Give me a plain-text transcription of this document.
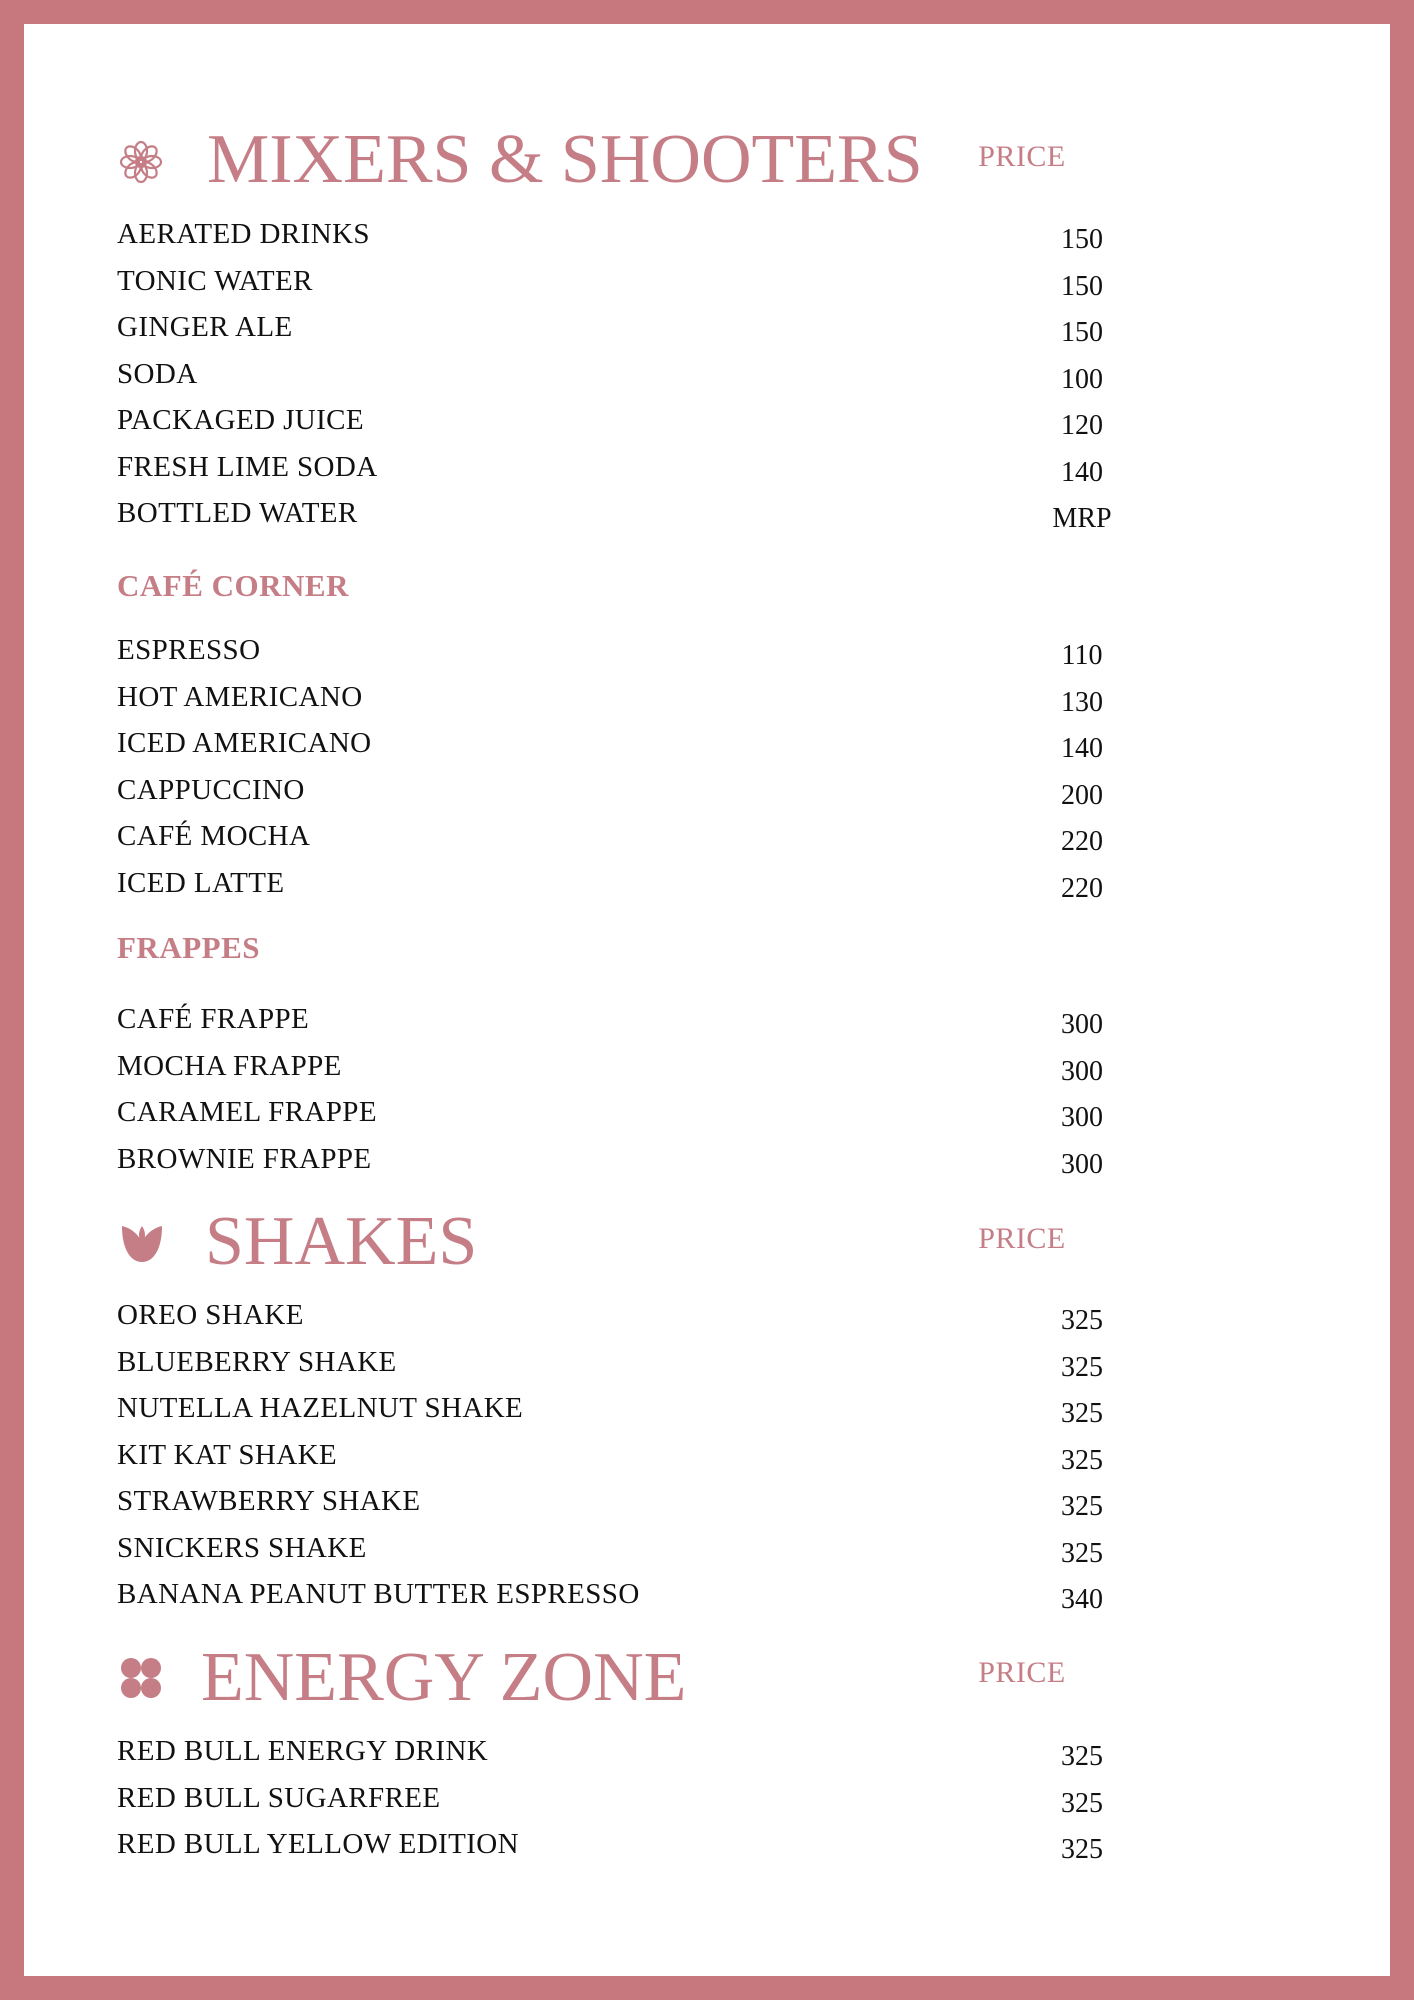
MIXERS & SHOOTERS PRICE
AERATED DRINKS	150
TONIC WATER	150
GINGER ALE	150
SODA	100
PACKAGED JUICE	120
FRESH LIME SODA	140
BOTTLED WATER	MRP
CAFÉ CORNER
ESPRESSO	110
HOT AMERICANO	130
ICED AMERICANO	140
CAPPUCCINO	200
CAFÉ MOCHA	220
ICED LATTE	220
FRAPPES
CAFÉ FRAPPE	300
MOCHA FRAPPE	300
CARAMEL FRAPPE	300
BROWNIE FRAPPE	300
SHAKES	PRICE
OREO SHAKE	325
BLUEBERRY SHAKE	325
NUTELLA HAZELNUT SHAKE	325
KIT KAT SHAKE	325
STRAWBERRY SHAKE	325
SNICKERS SHAKE	325
BANANA PEANUT BUTTER ESPRESSO	340
ENERGY ZONE	PRICE
RED BULL ENERGY DRINK	325
RED BULL SUGARFREE	325
RED BULL YELLOW EDITION	325
